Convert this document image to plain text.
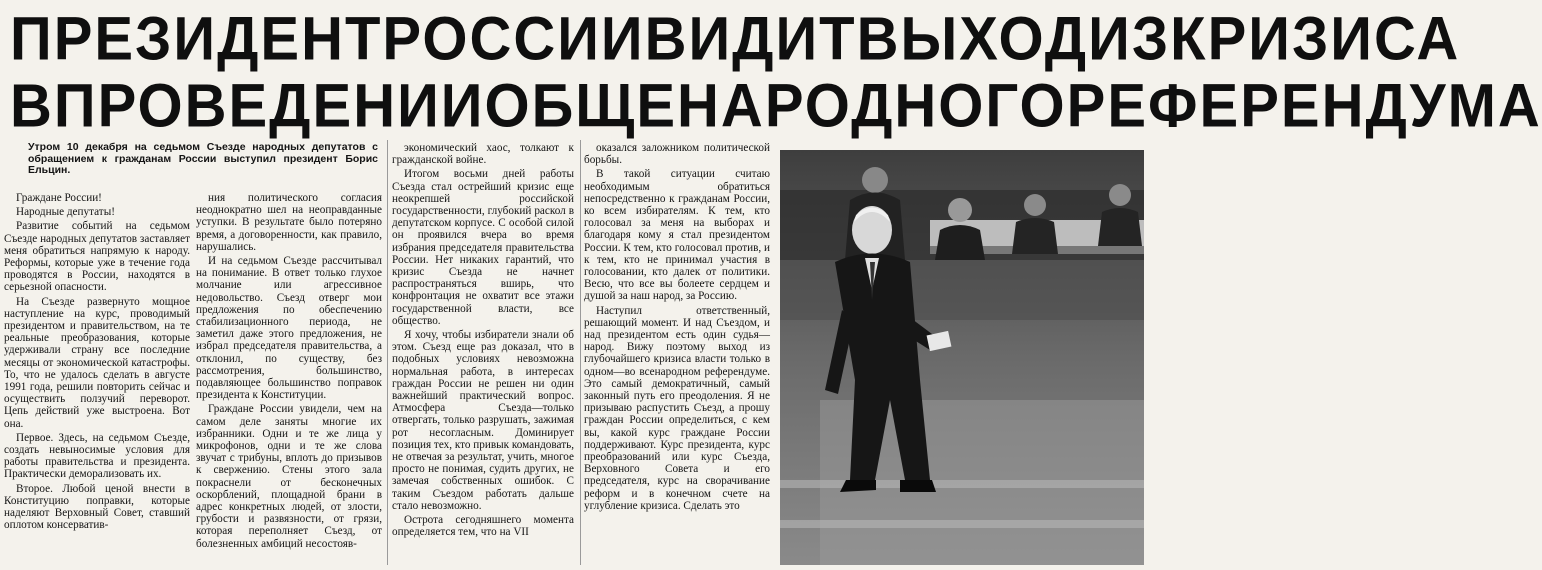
ПРЕЗИДЕНТ РОССИИ ВИДИТ ВЫХОД ИЗ КРИЗИСА
В ПРОВЕДЕНИИ ОБЩЕНАРОДНОГО РЕФЕРЕНДУМА

Утром 10 декабря на седьмом Съезде народных депутатов с обращением к гражданам России выступил президент Борис Ельцин.

Граждане России!

Народные депутаты!

Развитие событий на седьмом Съезде народных депутатов заставляет меня обратиться напрямую к народу. Реформы, которые уже в течение года проводятся в России, находятся в серьезной опасности.

На Съезде развернуто мощное наступление на курс, проводимый президентом и правительством, на те реальные преобразования, которые удерживали страну все последние месяцы от экономической катастрофы. То, что не удалось сделать в августе 1991 года, решили повторить сейчас и осуществить ползучий переворот. Цепь действий уже выстроена. Вот она.

Первое. Здесь, на седьмом Съезде, создать невыносимые условия для работы правительства и президента. Практически деморализовать их.

Второе. Любой ценой внести в Конституцию поправки, которые наделяют Верховный Совет, ставший оплотом консерватив-

ния политического согласия неоднократно шел на неоправданные уступки. В результате было потеряно время, а договоренности, как правило, нарушались.

И на седьмом Съезде рассчитывал на понимание. В ответ только глухое молчание или агрессивное недовольство. Съезд отверг мои предложения по обеспечению стабилизационного периода, не заметил даже этого предложения, не избрал председателя правительства, а отклонил, по существу, без рассмотрения, большинство, подавляющее большинство поправок президента к Конституции.

Граждане России увидели, чем на самом деле заняты многие их избранники. Одни и те же лица у микрофонов, одни и те же слова звучат с трибуны, вплоть до призывов к свержению. Стены этого зала покраснели от бесконечных оскорблений, площадной брани в адрес конкретных людей, от злости, грубости и развязности, от грязи, которая переполняет Съезд, от болезненных амбиций несостояв-

экономический хаос, толкают к гражданской войне.

Итогом восьми дней работы Съезда стал острейший кризис еще неокрепшей российской государственности, глубокий раскол в депутатском корпусе. С особой силой он проявился вчера во время избрания председателя правительства России. Нет никаких гарантий, что кризис Съезда не начнет распространяться вширь, что конфронтация не охватит все этажи государственной власти, все общество.

Я хочу, чтобы избиратели знали об этом. Съезд еще раз доказал, что в подобных условиях невозможна нормальная работа, в интересах граждан России не решен ни один важнейший практический вопрос. Атмосфера Съезда—только отвергать, только разрушать, зажимая рот несогласным. Доминирует позиция тех, кто привык командовать, не отвечая за результат, учить, многое просто не понимая, судить других, не замечая собственных ошибок. С таким Съездом работать дальше стало невозможно.

Острота сегодняшнего момента определяется тем, что на VII

оказался заложником политической борьбы.

В такой ситуации считаю необходимым обратиться непосредственно к гражданам России, ко всем избирателям. К тем, кто голосовал за меня на выборах и благодаря кому я стал президентом России. К тем, кто голосовал против, и к тем, кто не принимал участия в голосовании, кто далек от политики. Весю, что все вы болеете сердцем и душой за наш народ, за Россию.

Наступил ответственный, решающий момент. И над Съездом, и над президентом есть один судья—народ. Вижу поэтому выход из глубочайшего кризиса власти только в одном—во всенародном референдуме. Это самый демократичный, самый законный путь его преодоления. Я не призываю распустить Съезд, а прошу граждан России определиться, с кем вы, какой курс граждане России поддерживают. Курс президента, курс преобразований или курс Съезда, Верховного Совета и его председателя, курс на сворачивание реформ и в конечном счете на углубление кризиса. Сделать это
